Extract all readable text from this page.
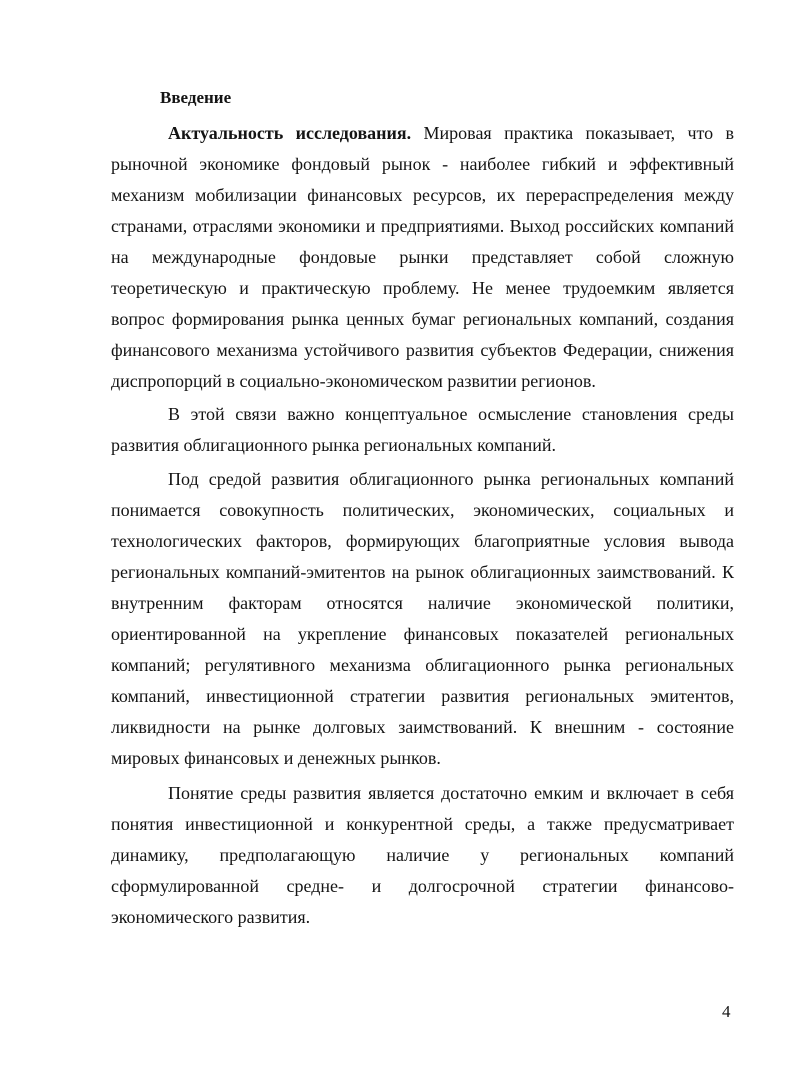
Введение

Актуальность исследования. Мировая практика показывает, что в рыночной экономике фондовый рынок - наиболее гибкий и эффективный механизм мобилизации финансовых ресурсов, их перераспределения между странами, отраслями экономики и предприятиями. Выход российских компаний на международные фондовые рынки представляет собой сложную теоретическую и практическую проблему. Не менее трудоемким является вопрос формирования рынка ценных бумаг региональных компаний, создания финансового механизма устойчивого развития субъектов Федерации, снижения диспропорций в социально-экономическом развитии регионов.

В этой связи важно концептуальное осмысление становления среды развития облигационного рынка региональных компаний.

Под средой развития облигационного рынка региональных компаний понимается совокупность политических, экономических, социальных и технологических факторов, формирующих благоприятные условия вывода региональных компаний-эмитентов на рынок облигационных заимствований. К внутренним факторам относятся наличие экономической политики, ориентированной на укрепление финансовых показателей региональных компаний; регулятивного механизма облигационного рынка региональных компаний, инвестиционной стратегии развития региональных эмитентов, ликвидности на рынке долговых заимствований. К внешним - состояние мировых финансовых и денежных рынков.

Понятие среды развития является достаточно емким и включает в себя понятия инвестиционной и конкурентной среды, а также предусматривает динамику, предполагающую наличие у региональных компаний сформулированной средне- и долгосрочной стратегии финансово-экономического развития.

4
